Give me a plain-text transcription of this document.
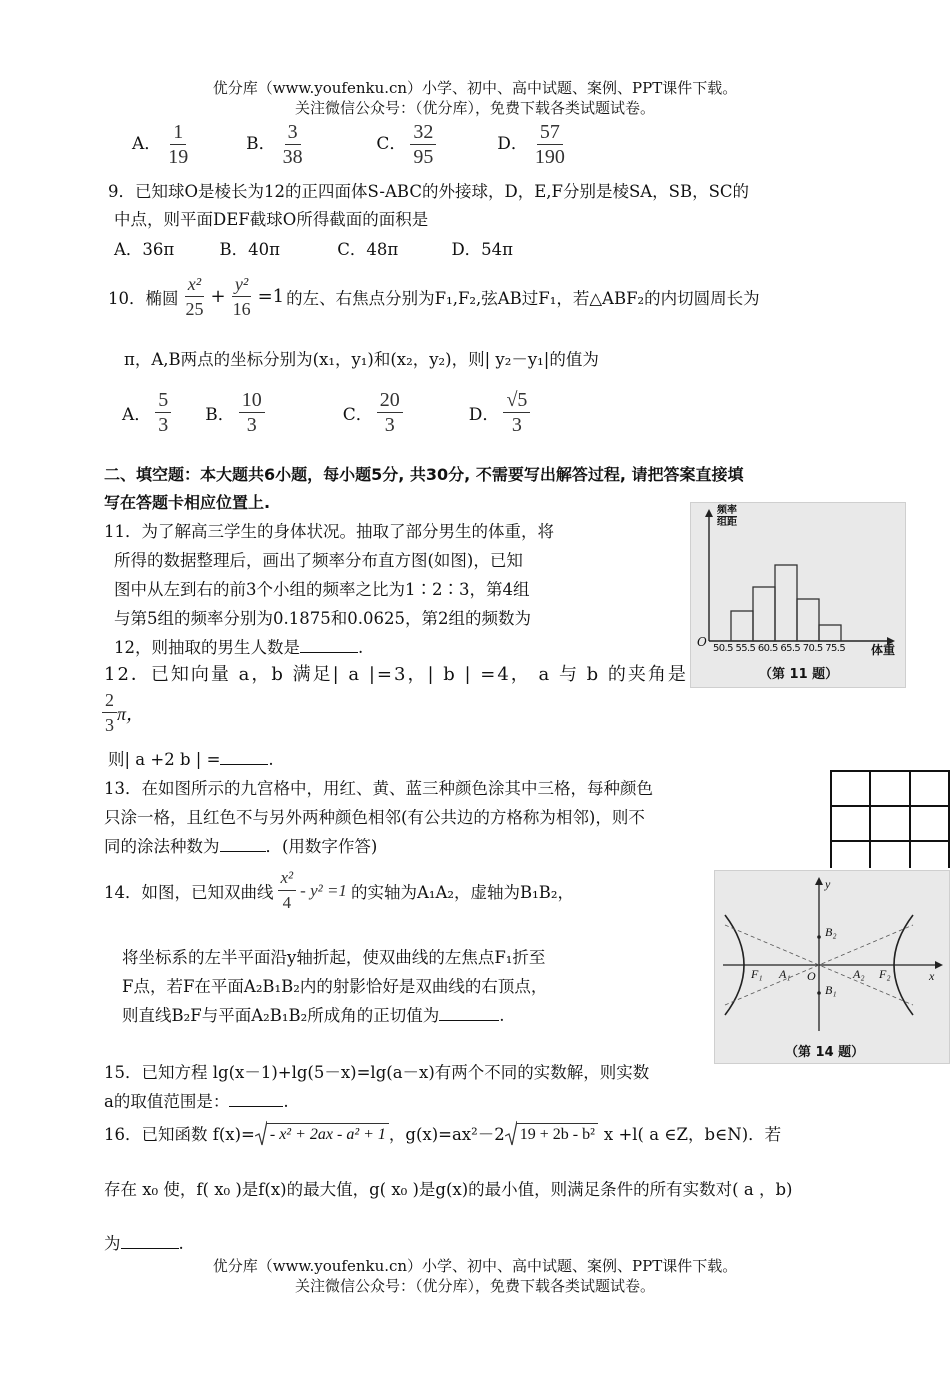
优分库（www.youfenku.cn）小学、初中、高中试题、案例、PPT课件下载。
关注微信公众号：（优分库），免费下载各类试题试卷。
A． $\frac{1}{19}$	B． $\frac{3}{38}$	C． $\frac{32}{95}$	D． $\frac{57}{190}$
9．已知球O是棱长为12的正四面体S-ABC的外接球，D，E,F分别是棱SA，SB，SC的
中点，则平面DEF截球O所得截面的面积是
A．36π	B．40π	C．48π	D．54π
10．椭圆 $\frac{\text{x²}}{25} + \frac{\text{y²}}{16} =1$ 的左、右焦点分别为F₁,F₂,弦AB过F₁，若△ABF₂的内切圆周长为
π，A,B两点的坐标分别为(x₁，y₁)和(x₂，y₂)，则| y₂－y₁|的值为
A． $\frac{5}{3}$ B． $\frac{10}{3}$	C． $\frac{20}{3}$	D． $\frac{√5}{3}$
二、填空题：本大题共6小题，每小题5分, 共30分, 不需要写出解答过程, 请把答案直接填
写在答题卡相应位置上.
11．为了解高三学生的身体状况。抽取了部分男生的体重，将
所得的数据整理后，画出了频率分布直方图(如图)，已知
图中从左到右的前3个小组的频率之比为1∶2∶3，第4组
与第5组的频率分别为0.1875和0.0625，第2组的频数为
12，则抽取的男生人数是	.
频率
组距
O 50.5 55.5 60.5 65.5 70.5 75.5 体重
（第 11 题）
12．已知向量 a，b 满足| a |=3，| b | =4， a 与 b 的夹角是
$\frac{2}{3}$ π，
则| a +2 b | =	.
13．在如图所示的九宫格中，用红、黄、蓝三种颜色涂其中三格，每种颜色
只涂一格，且红色不与另外两种颜色相邻(有公共边的方格称为相邻)，则不
同的涂法种数为	．(用数字作答)

14．如图，已知双曲线 $\frac{\text{x²}}{4} - y^2 =1$ 的实轴为A₁A₂，虚轴为B₁B₂，
将坐标系的左半平面沿y轴折起，使双曲线的左焦点F₁折至
F点，若F在平面A₂B₁B₂内的射影恰好是双曲线的右顶点，
则直线B₂F与平面A₂B₁B₂所成角的正切值为	.
y
x
O
B₂
B₁
F₁ A₁	A₂ F₂
（第 14 题）
15．已知方程 lg(x－1)+lg(5－x)=lg(a－x)有两个不同的实数解，则实数
a的取值范围是：	.
16．已知函数 f(x)= - x² + 2ax - a² + 1 ，g(x)=ax²－2 19 + 2b - b² x +l( a ∈Z，b∈N)．若
存在 x₀ 使，f( x₀ )是f(x)的最大值，g( x₀ )是g(x)的最小值，则满足条件的所有实数对( a ，b)
为	.
优分库（www.youfenku.cn）小学、初中、高中试题、案例、PPT课件下载。
关注微信公众号：（优分库），免费下载各类试题试卷。
